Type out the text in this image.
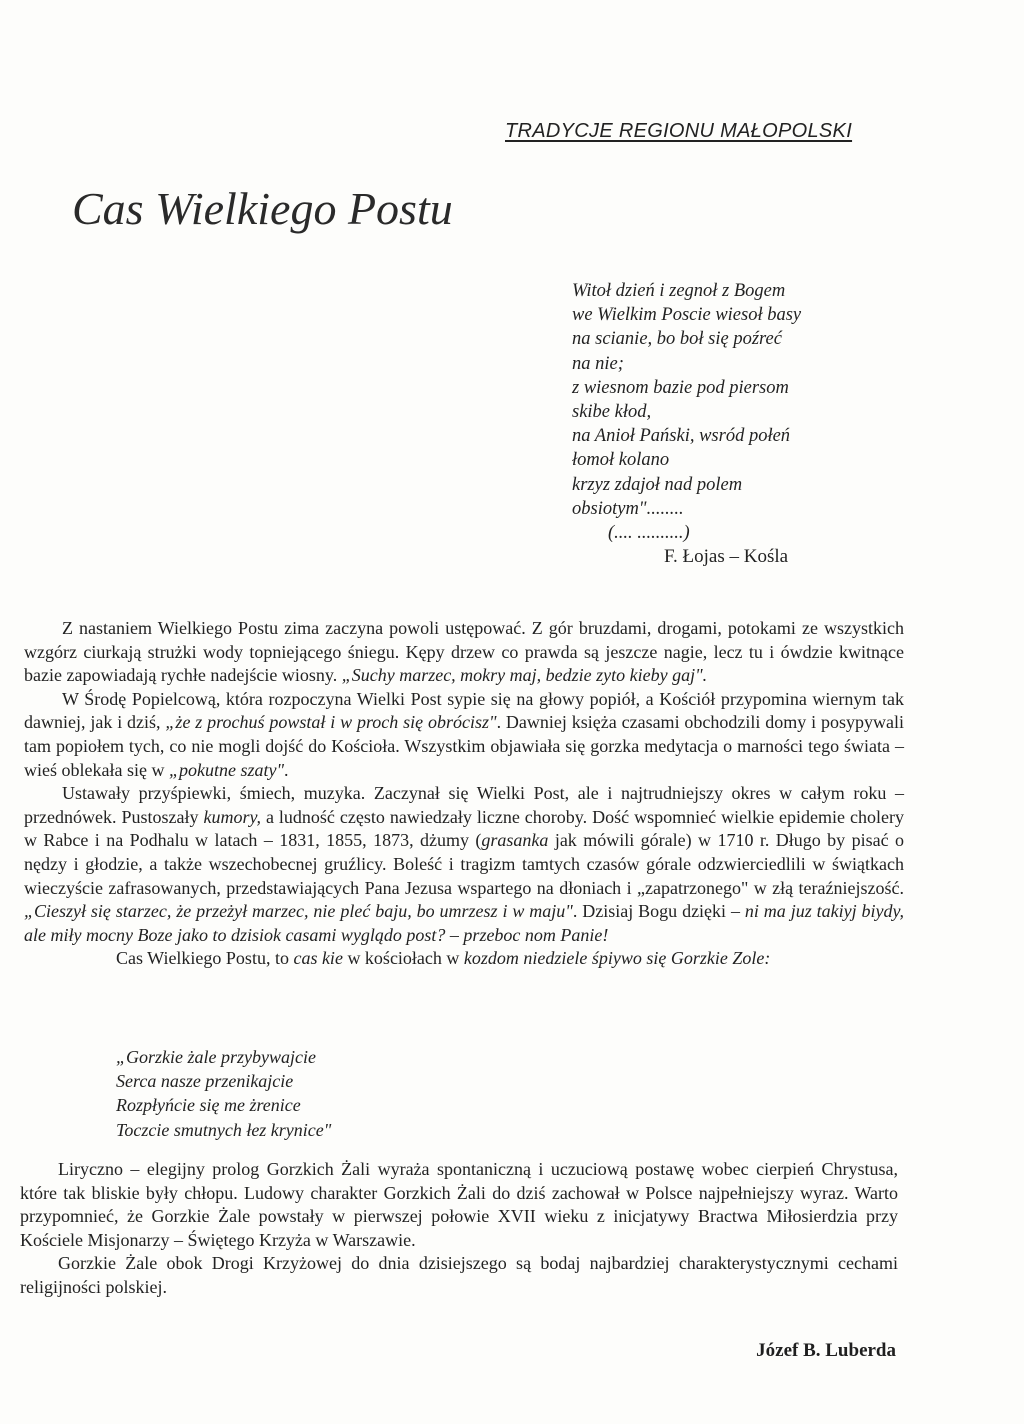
TRADYCJE REGIONU MAŁOPOLSKI
Cas Wielkiego Postu
Witoł dzień i zegnoł z Bogem
we Wielkim Poscie wiesoł basy
na scianie, bo boł się poźreć
na nie;
z wiesnom bazie pod piersom
skibe kłod,
na Anioł Pański, wsród połeń
łomoł kolano
krzyz zdajoł nad polem
obsiotym"........
(.... ..........)
F. Łojas – Kośla

Z nastaniem Wielkiego Postu zima zaczyna powoli ustępować. Z gór bruzdami, drogami, potokami ze wszystkich wzgórz ciurkają strużki wody topniejącego śniegu. Kępy drzew co prawda są jeszcze nagie, lecz tu i ówdzie kwitnące bazie zapowiadają rychłe nadejście wiosny. „Suchy marzec, mokry maj, bedzie zyto kieby gaj".

W Środę Popielcową, która rozpoczyna Wielki Post sypie się na głowy popiół, a Kościół przypomina wiernym tak dawniej, jak i dziś, „że z prochuś powstał i w proch się obrócisz". Dawniej księża czasami obchodzili domy i posypywali tam popiołem tych, co nie mogli dojść do Kościoła. Wszystkim objawiała się gorzka medytacja o marności tego świata – wieś oblekała się w „pokutne szaty".

Ustawały przyśpiewki, śmiech, muzyka. Zaczynał się Wielki Post, ale i najtrudniejszy okres w całym roku – przednówek. Pustoszały kumory, a ludność często nawiedzały liczne choroby. Dość wspomnieć wielkie epidemie cholery w Rabce i na Podhalu w latach – 1831, 1855, 1873, dżumy (grasanka jak mówili górale) w 1710 r. Długo by pisać o nędzy i głodzie, a także wszechobecnej gruźlicy. Boleść i tragizm tamtych czasów górale odzwierciedlili w świątkach wieczyście zafrasowanych, przedstawiających Pana Jezusa wspartego na dłoniach i „zapatrzonego" w złą teraźniejszość. „Cieszył się starzec, że przeżył marzec, nie pleć baju, bo umrzesz i w maju". Dzisiaj Bogu dzięki – ni ma juz takiyj biydy, ale miły mocny Boze jako to dzisiok casami wyglądo post? – przeboc nom Panie!

Cas Wielkiego Postu, to cas kie w kościołach w kozdom niedziele śpiywo się Gorzkie Zole:

„Gorzkie żale przybywajcie
Serca nasze przenikajcie
Rozpłyńcie się me żrenice
Toczcie smutnych łez krynice"

Liryczno – elegijny prolog Gorzkich Żali wyraża spontaniczną i uczuciową postawę wobec cierpień Chrystusa, które tak bliskie były chłopu. Ludowy charakter Gorzkich Żali do dziś zachował w Polsce najpełniejszy wyraz. Warto przypomnieć, że Gorzkie Żale powstały w pierwszej połowie XVII wieku z inicjatywy Bractwa Miłosierdzia przy Kościele Misjonarzy – Świętego Krzyża w Warszawie.

Gorzkie Żale obok Drogi Krzyżowej do dnia dzisiejszego są bodaj najbardziej charakterystycznymi cechami religijności polskiej.

Józef B. Luberda
